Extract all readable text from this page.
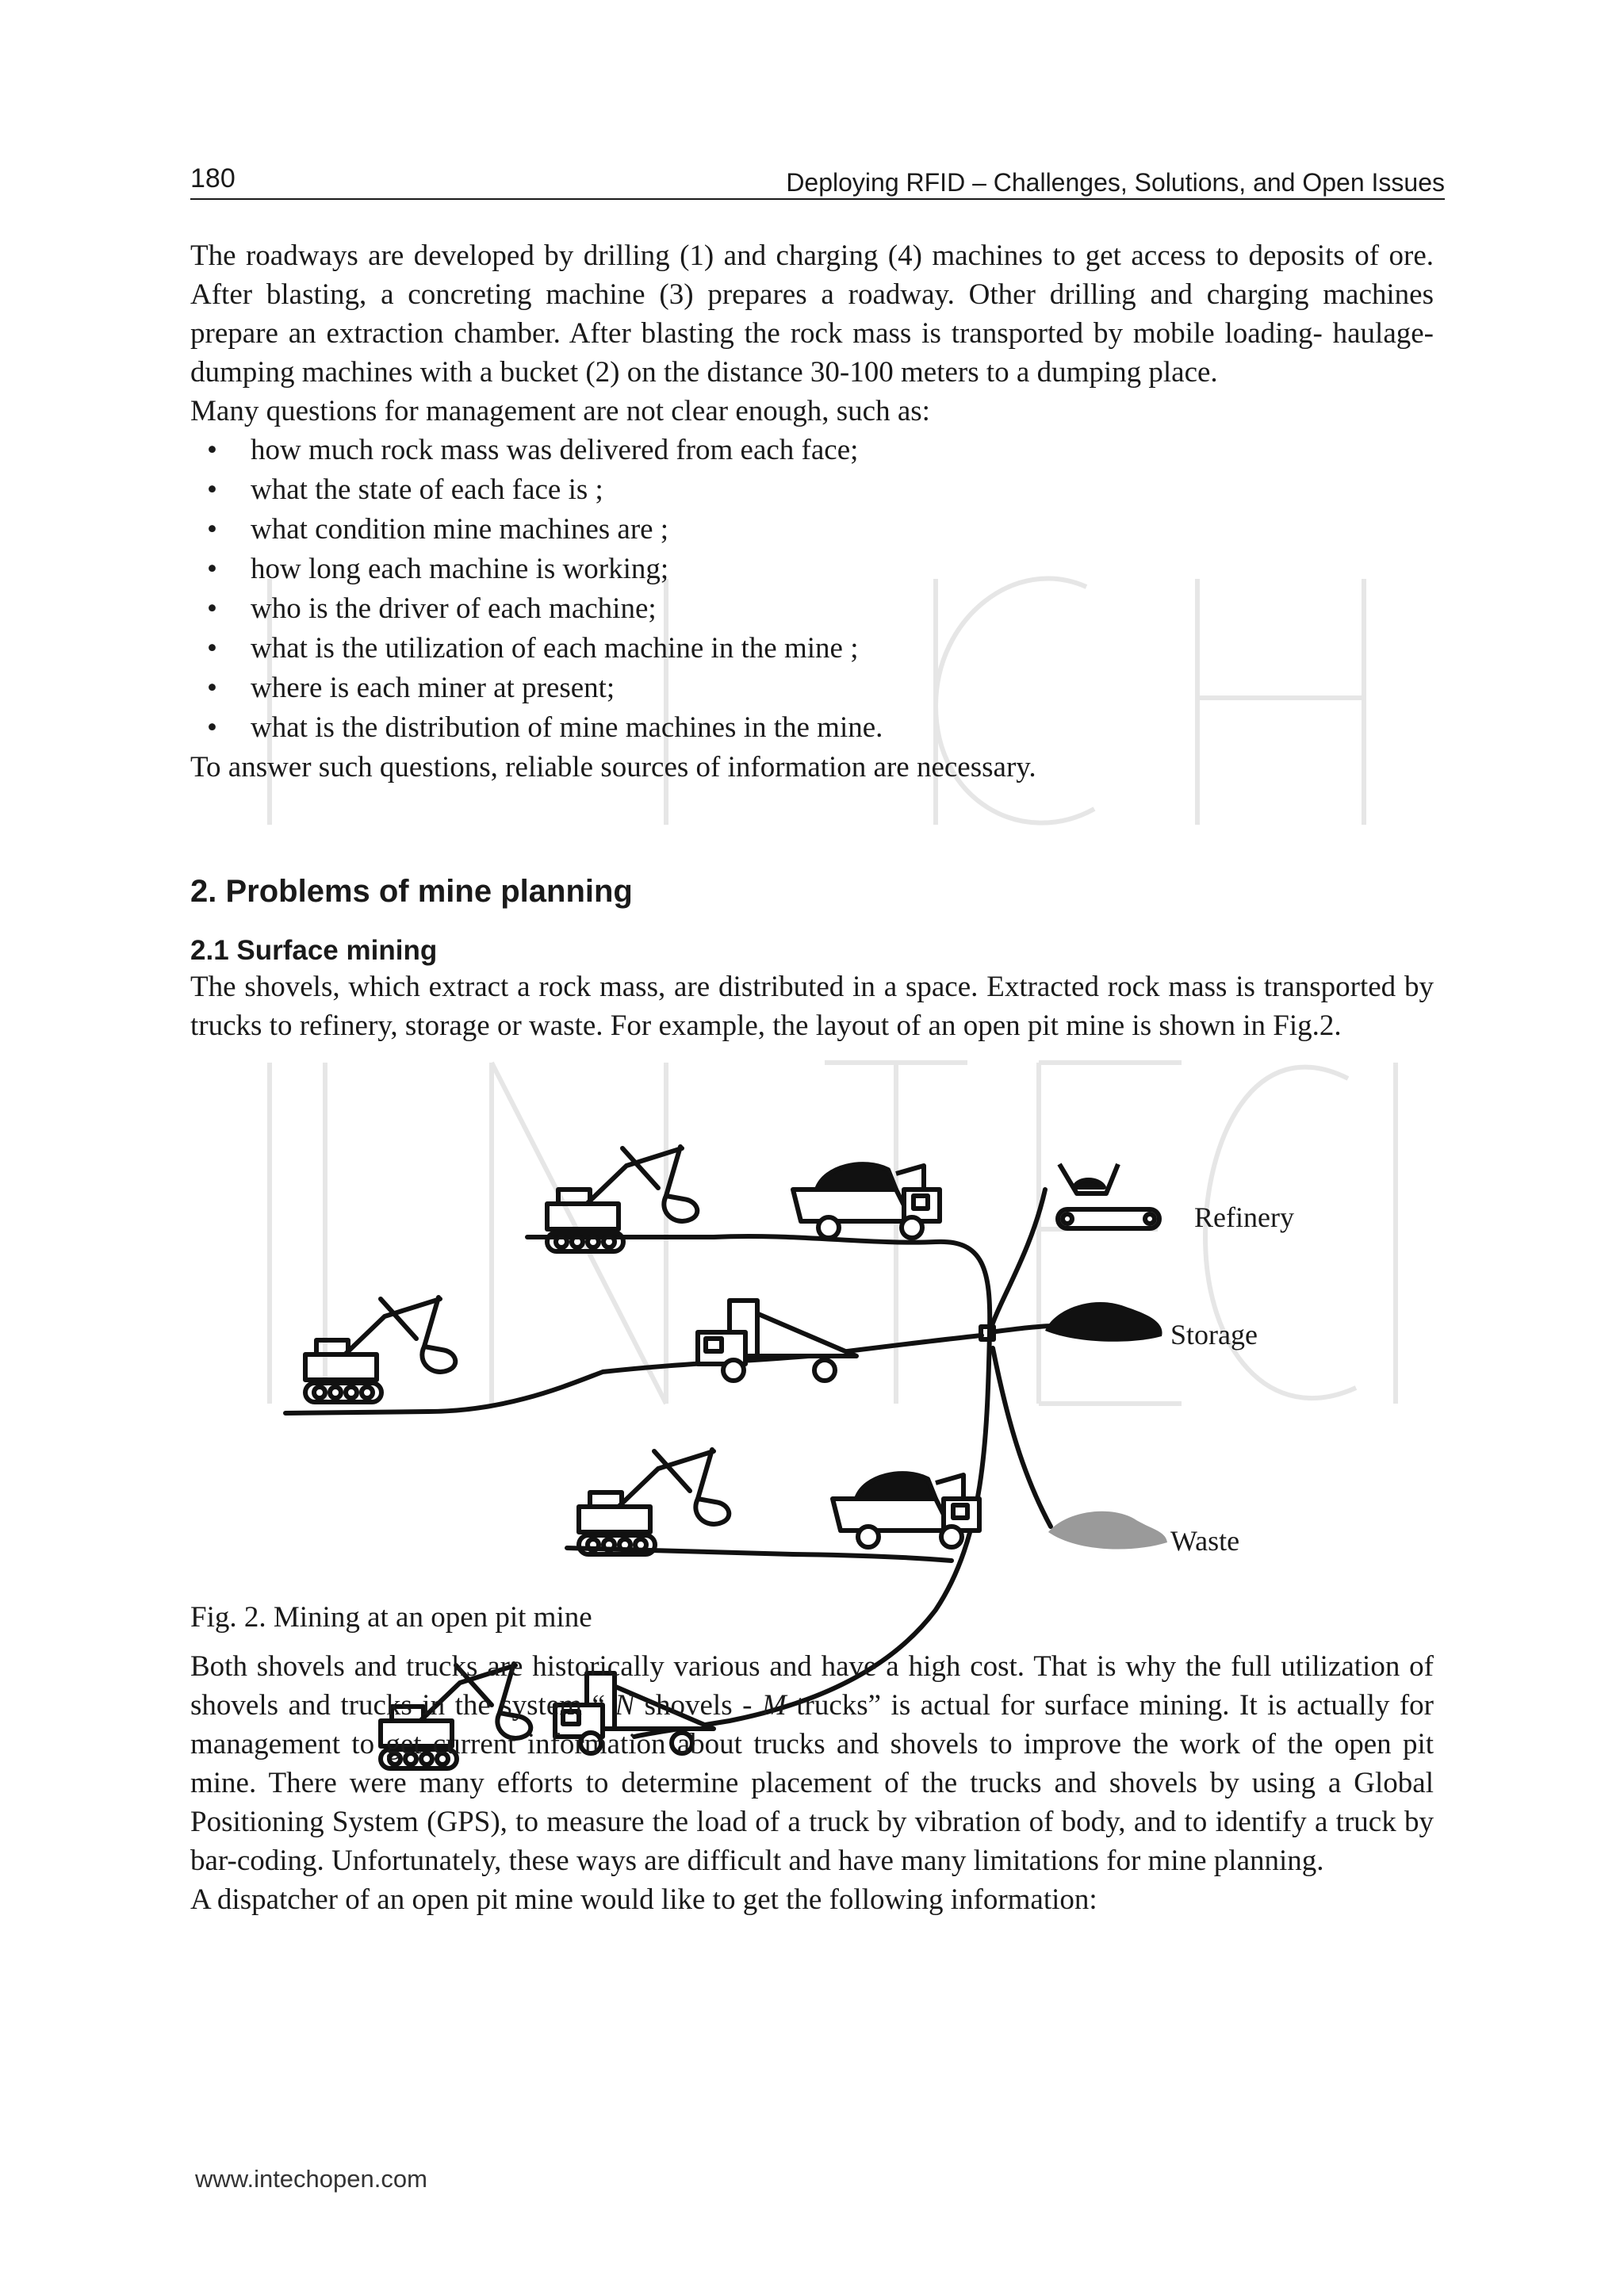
180	Deploying RFID – Challenges, Solutions, and Open Issues

The roadways are developed by drilling (1) and charging (4) machines to get access to deposits of ore. After blasting, a concreting machine (3) prepares a roadway. Other drilling and charging machines prepare an extraction chamber. After blasting the rock mass is transported by mobile loading- haulage-dumping machines with a bucket (2) on the distance 30-100 meters to a dumping place.

Many questions for management are not clear enough, such as:

• how much rock mass was delivered from each face;
• what the state of each face is ;
• what condition mine machines are ;
• how long each machine is working;
• who is the driver of each machine;
• what is the utilization of each machine in the mine ;
• where is each miner at present;
• what is the distribution of mine machines in the mine.

To answer such questions, reliable sources of information are necessary.

2. Problems of mine planning
2.1 Surface mining

The shovels, which extract a rock mass, are distributed in a space. Extracted rock mass is transported by trucks to refinery, storage or waste. For example, the layout of an open pit mine is shown in Fig.2.

Refinery
Storage
Waste
Fig. 2. Mining at an open pit mine

Both shovels and trucks are historically various and have a high cost. That is why the full utilization of shovels and trucks in the system “ N shovels - M trucks” is actual for surface mining. It is actually for management to get current information about trucks and shovels to improve the work of the open pit mine. There were many efforts to determine placement of the trucks and shovels by using a Global Positioning System (GPS), to measure the load of a truck by vibration of body, and to identify a truck by bar-coding. Unfortunately, these ways are difficult and have many limitations for mine planning.

A dispatcher of an open pit mine would like to get the following information:

www.intechopen.com
